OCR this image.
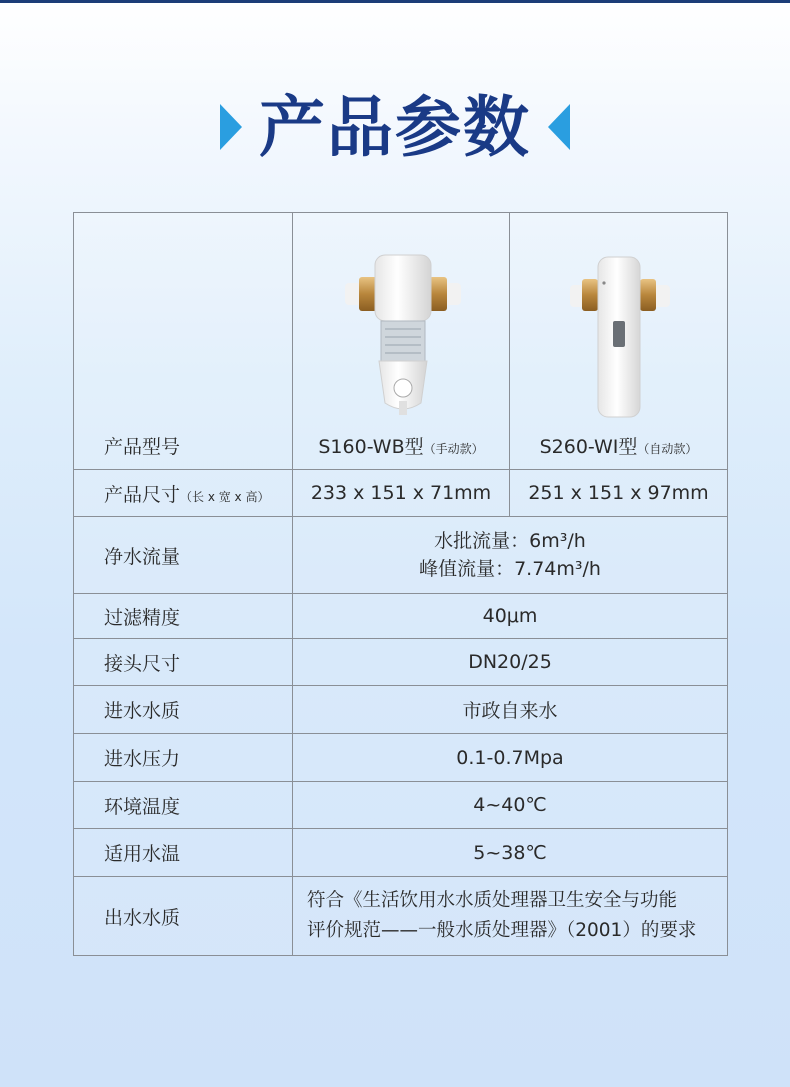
产品参数
产品型号	S160-WB型（手动款）	S260-WI型（自动款）

产品尺寸（长 x 宽 x 高）	233 x 151 x 71mm	251 x 151 x 97mm
净水流量	水批流量：6m³/h
峰值流量：7.74m³/h	

过滤精度	40μm	
接头尺寸	DN20/25	
进水水质	市政自来水	
进水压力	0.1-0.7Mpa	
环境温度	4~40℃	
适用水温	5~38℃	
出水水质	符合《生活饮用水水质处理器卫生安全与功能
评价规范——一般水质处理器》（2001）的要求	
